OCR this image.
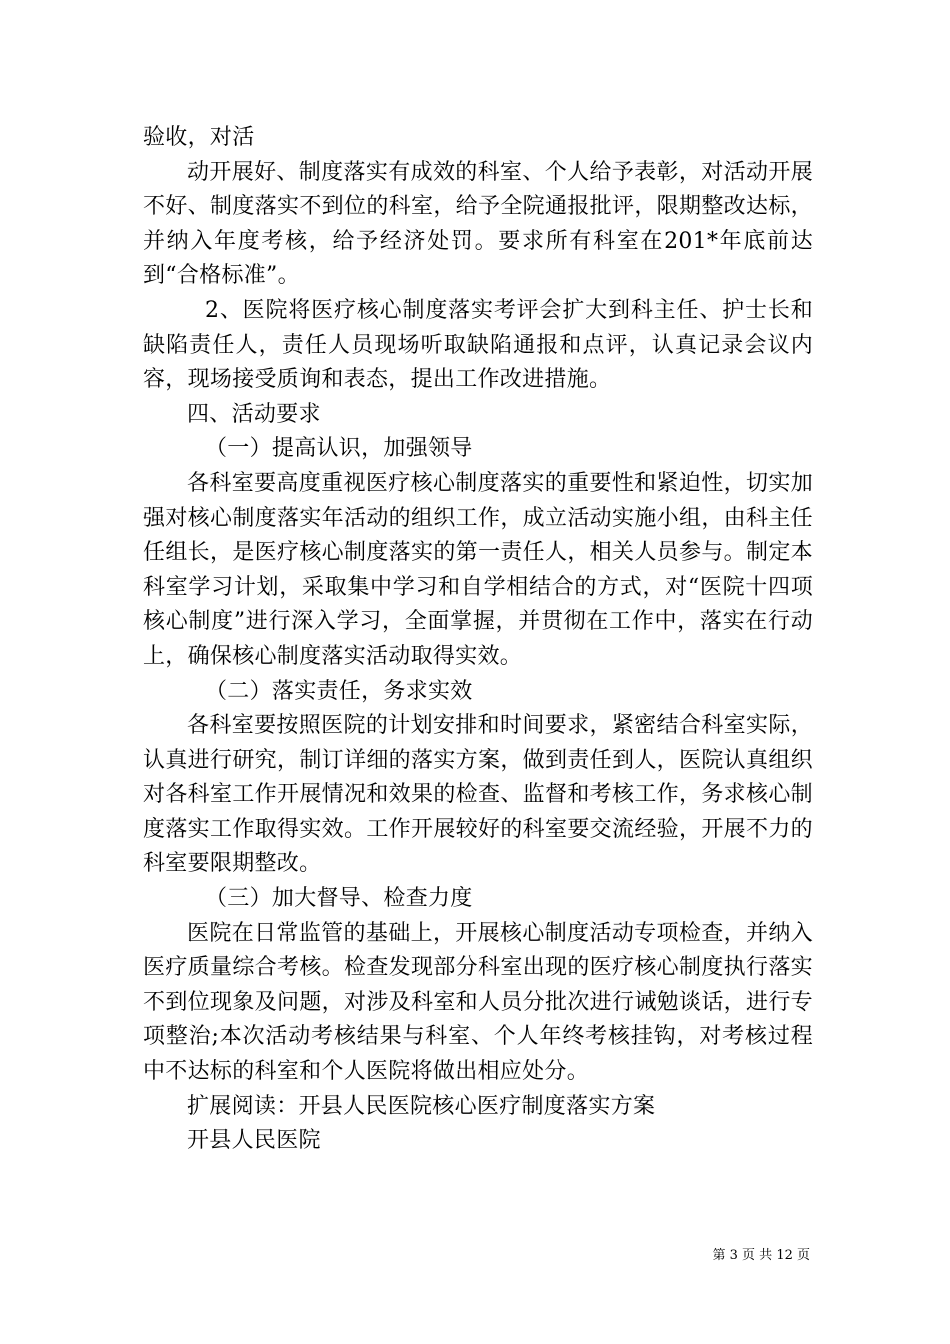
验收，对活

动开展好、制度落实有成效的科室、个人给予表彰，对活动开展不好、制度落实不到位的科室，给予全院通报批评，限期整改达标，并纳入年度考核，给予经济处罚。要求所有科室在201*年底前达到“合格标准”。

2、医院将医疗核心制度落实考评会扩大到科主任、护士长和缺陷责任人，责任人员现场听取缺陷通报和点评，认真记录会议内容，现场接受质询和表态，提出工作改进措施。

四、活动要求

（一）提高认识，加强领导

各科室要高度重视医疗核心制度落实的重要性和紧迫性，切实加强对核心制度落实年活动的组织工作，成立活动实施小组，由科主任任组长，是医疗核心制度落实的第一责任人，相关人员参与。制定本科室学习计划，采取集中学习和自学相结合的方式，对“医院十四项核心制度”进行深入学习，全面掌握，并贯彻在工作中，落实在行动上，确保核心制度落实活动取得实效。

（二）落实责任，务求实效

各科室要按照医院的计划安排和时间要求，紧密结合科室实际，认真进行研究，制订详细的落实方案，做到责任到人，医院认真组织对各科室工作开展情况和效果的检查、监督和考核工作，务求核心制度落实工作取得实效。工作开展较好的科室要交流经验，开展不力的科室要限期整改。

（三）加大督导、检查力度

医院在日常监管的基础上，开展核心制度活动专项检查，并纳入医疗质量综合考核。检查发现部分科室出现的医疗核心制度执行落实不到位现象及问题，对涉及科室和人员分批次进行诫勉谈话，进行专项整治;本次活动考核结果与科室、个人年终考核挂钩，对考核过程中不达标的科室和个人医院将做出相应处分。

扩展阅读：开县人民医院核心医疗制度落实方案

开县人民医院

第 3 页 共 12 页
